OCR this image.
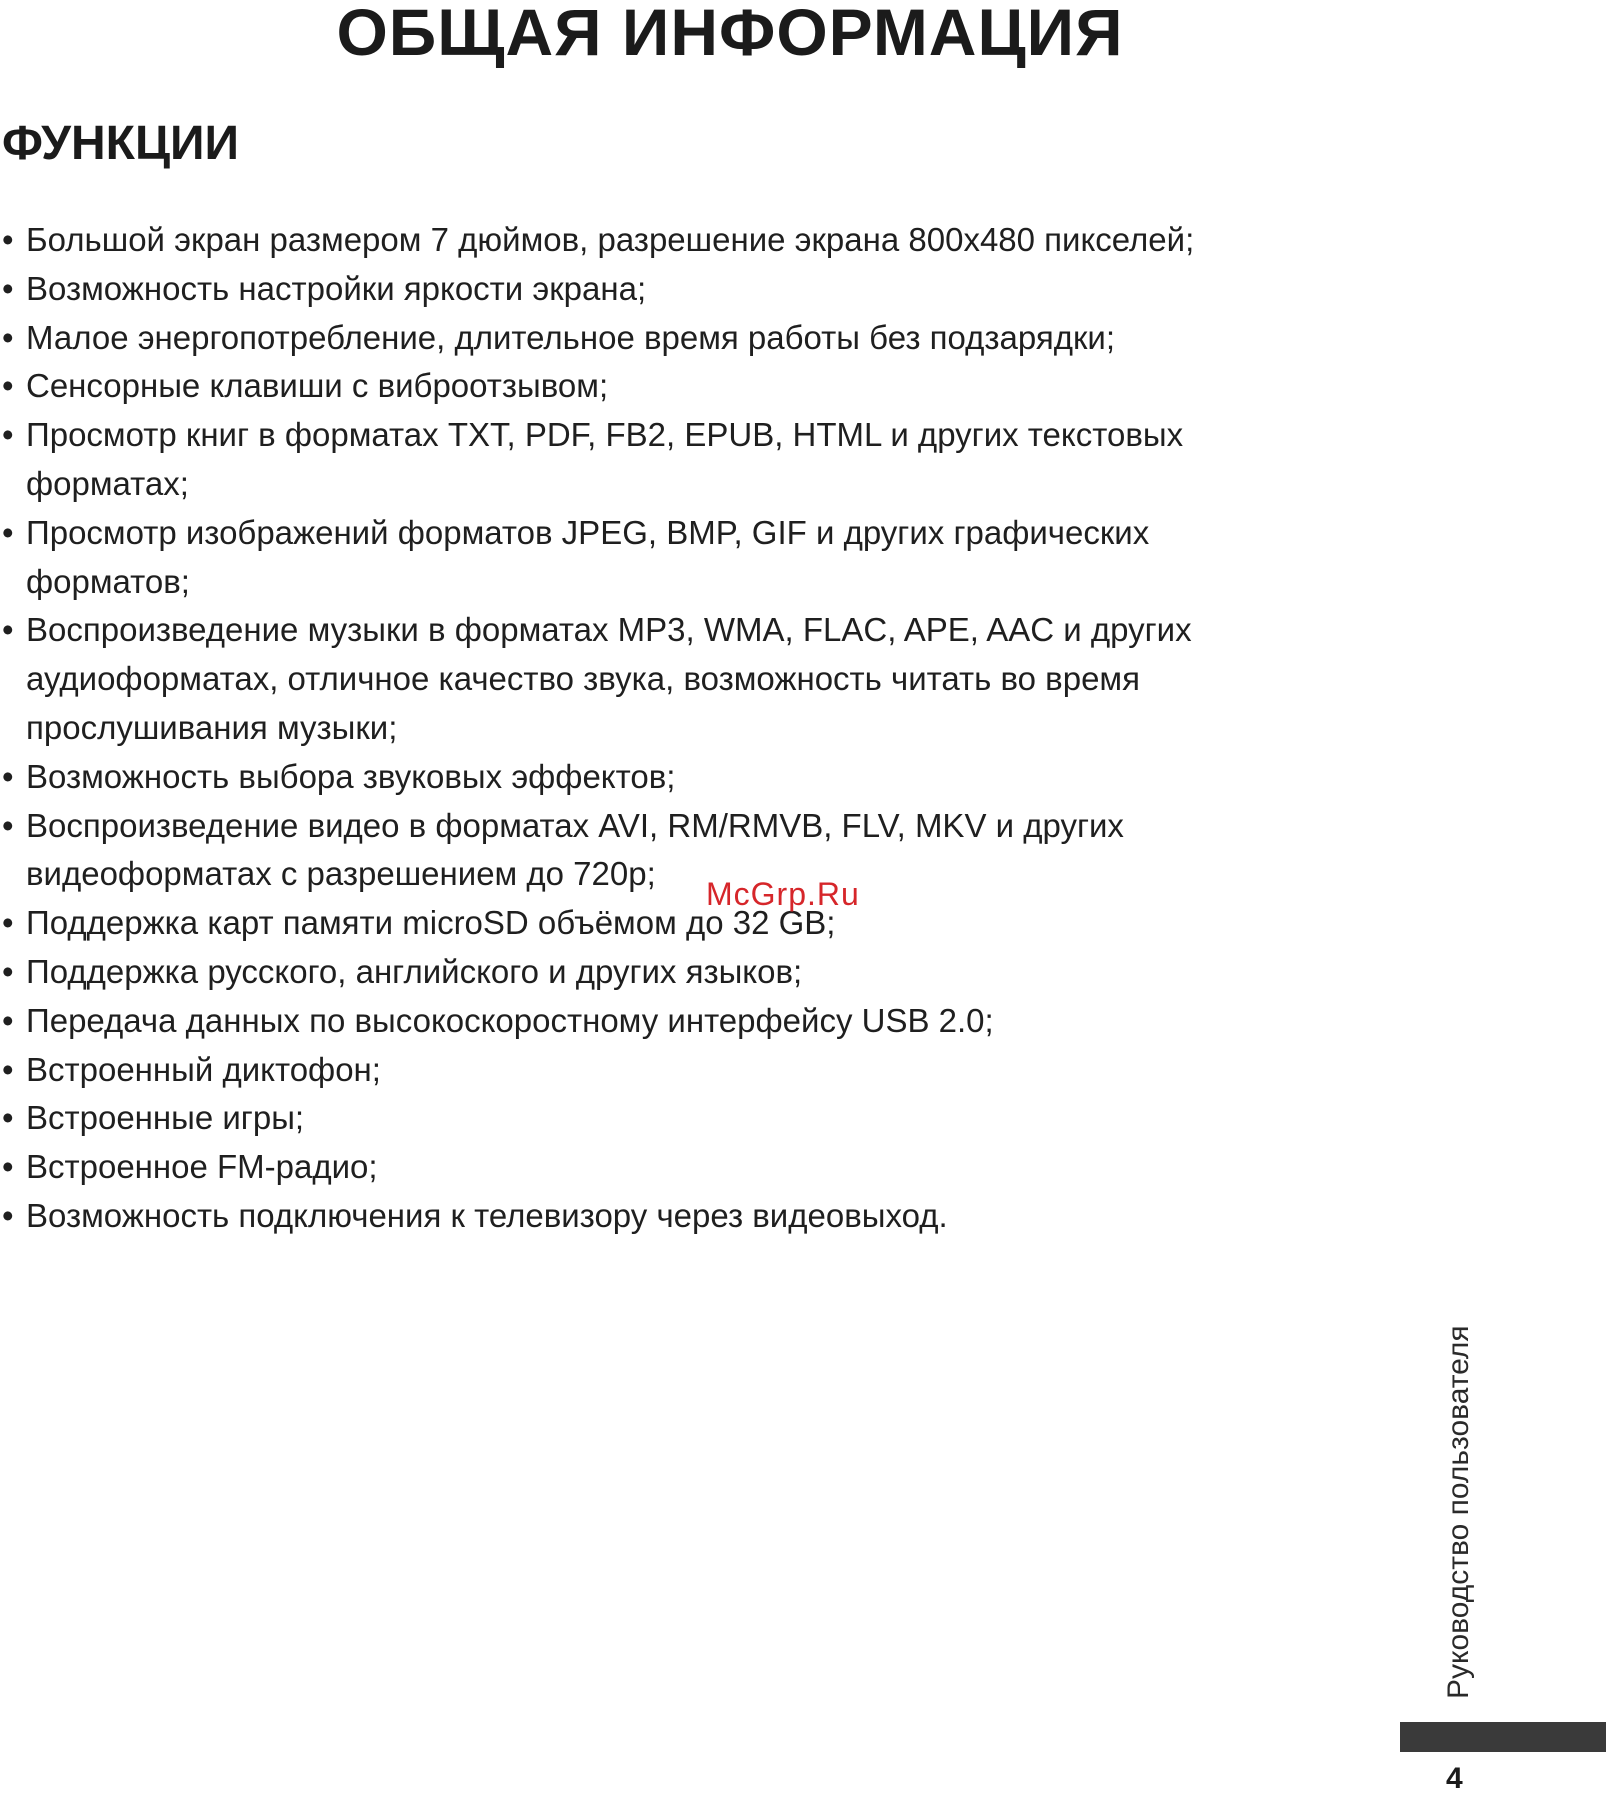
ОБЩАЯ ИНФОРМАЦИЯ
ФУНКЦИИ
• Большой экран размером 7 дюймов, разрешение экрана 800x480 пикселей;
• Возможность настройки яркости экрана;
• Малое энергопотребление, длительное время работы без подзарядки;
• Сенсорные клавиши с виброотзывом;
• Просмотр книг в форматах TXT, PDF, FB2, EPUB, HTML и других текстовых
форматах;
• Просмотр изображений форматов JPEG, BMP, GIF и других графических
форматов;
• Воспроизведение музыки в форматах MP3, WMA, FLAC, APE, AAC и других
аудиоформатах, отличное качество звука, возможность читать во время
прослушивания музыки;
• Возможность выбора звуковых эффектов;
• Воспроизведение видео в форматах AVI, RM/RMVB, FLV, MKV и других
видеоформатах с разрешением до 720p;
• Поддержка карт памяти microSD объёмом до 32 GB;
• Поддержка русского, английского и других языков;
• Передача данных по высокоскоростному интерфейсу USB 2.0;
• Встроенный диктофон;
• Встроенные игры;
• Встроенное FM-радио;
• Возможность подключения к телевизору через видеовыход.
McGrp.Ru
Руководство пользователя
4
